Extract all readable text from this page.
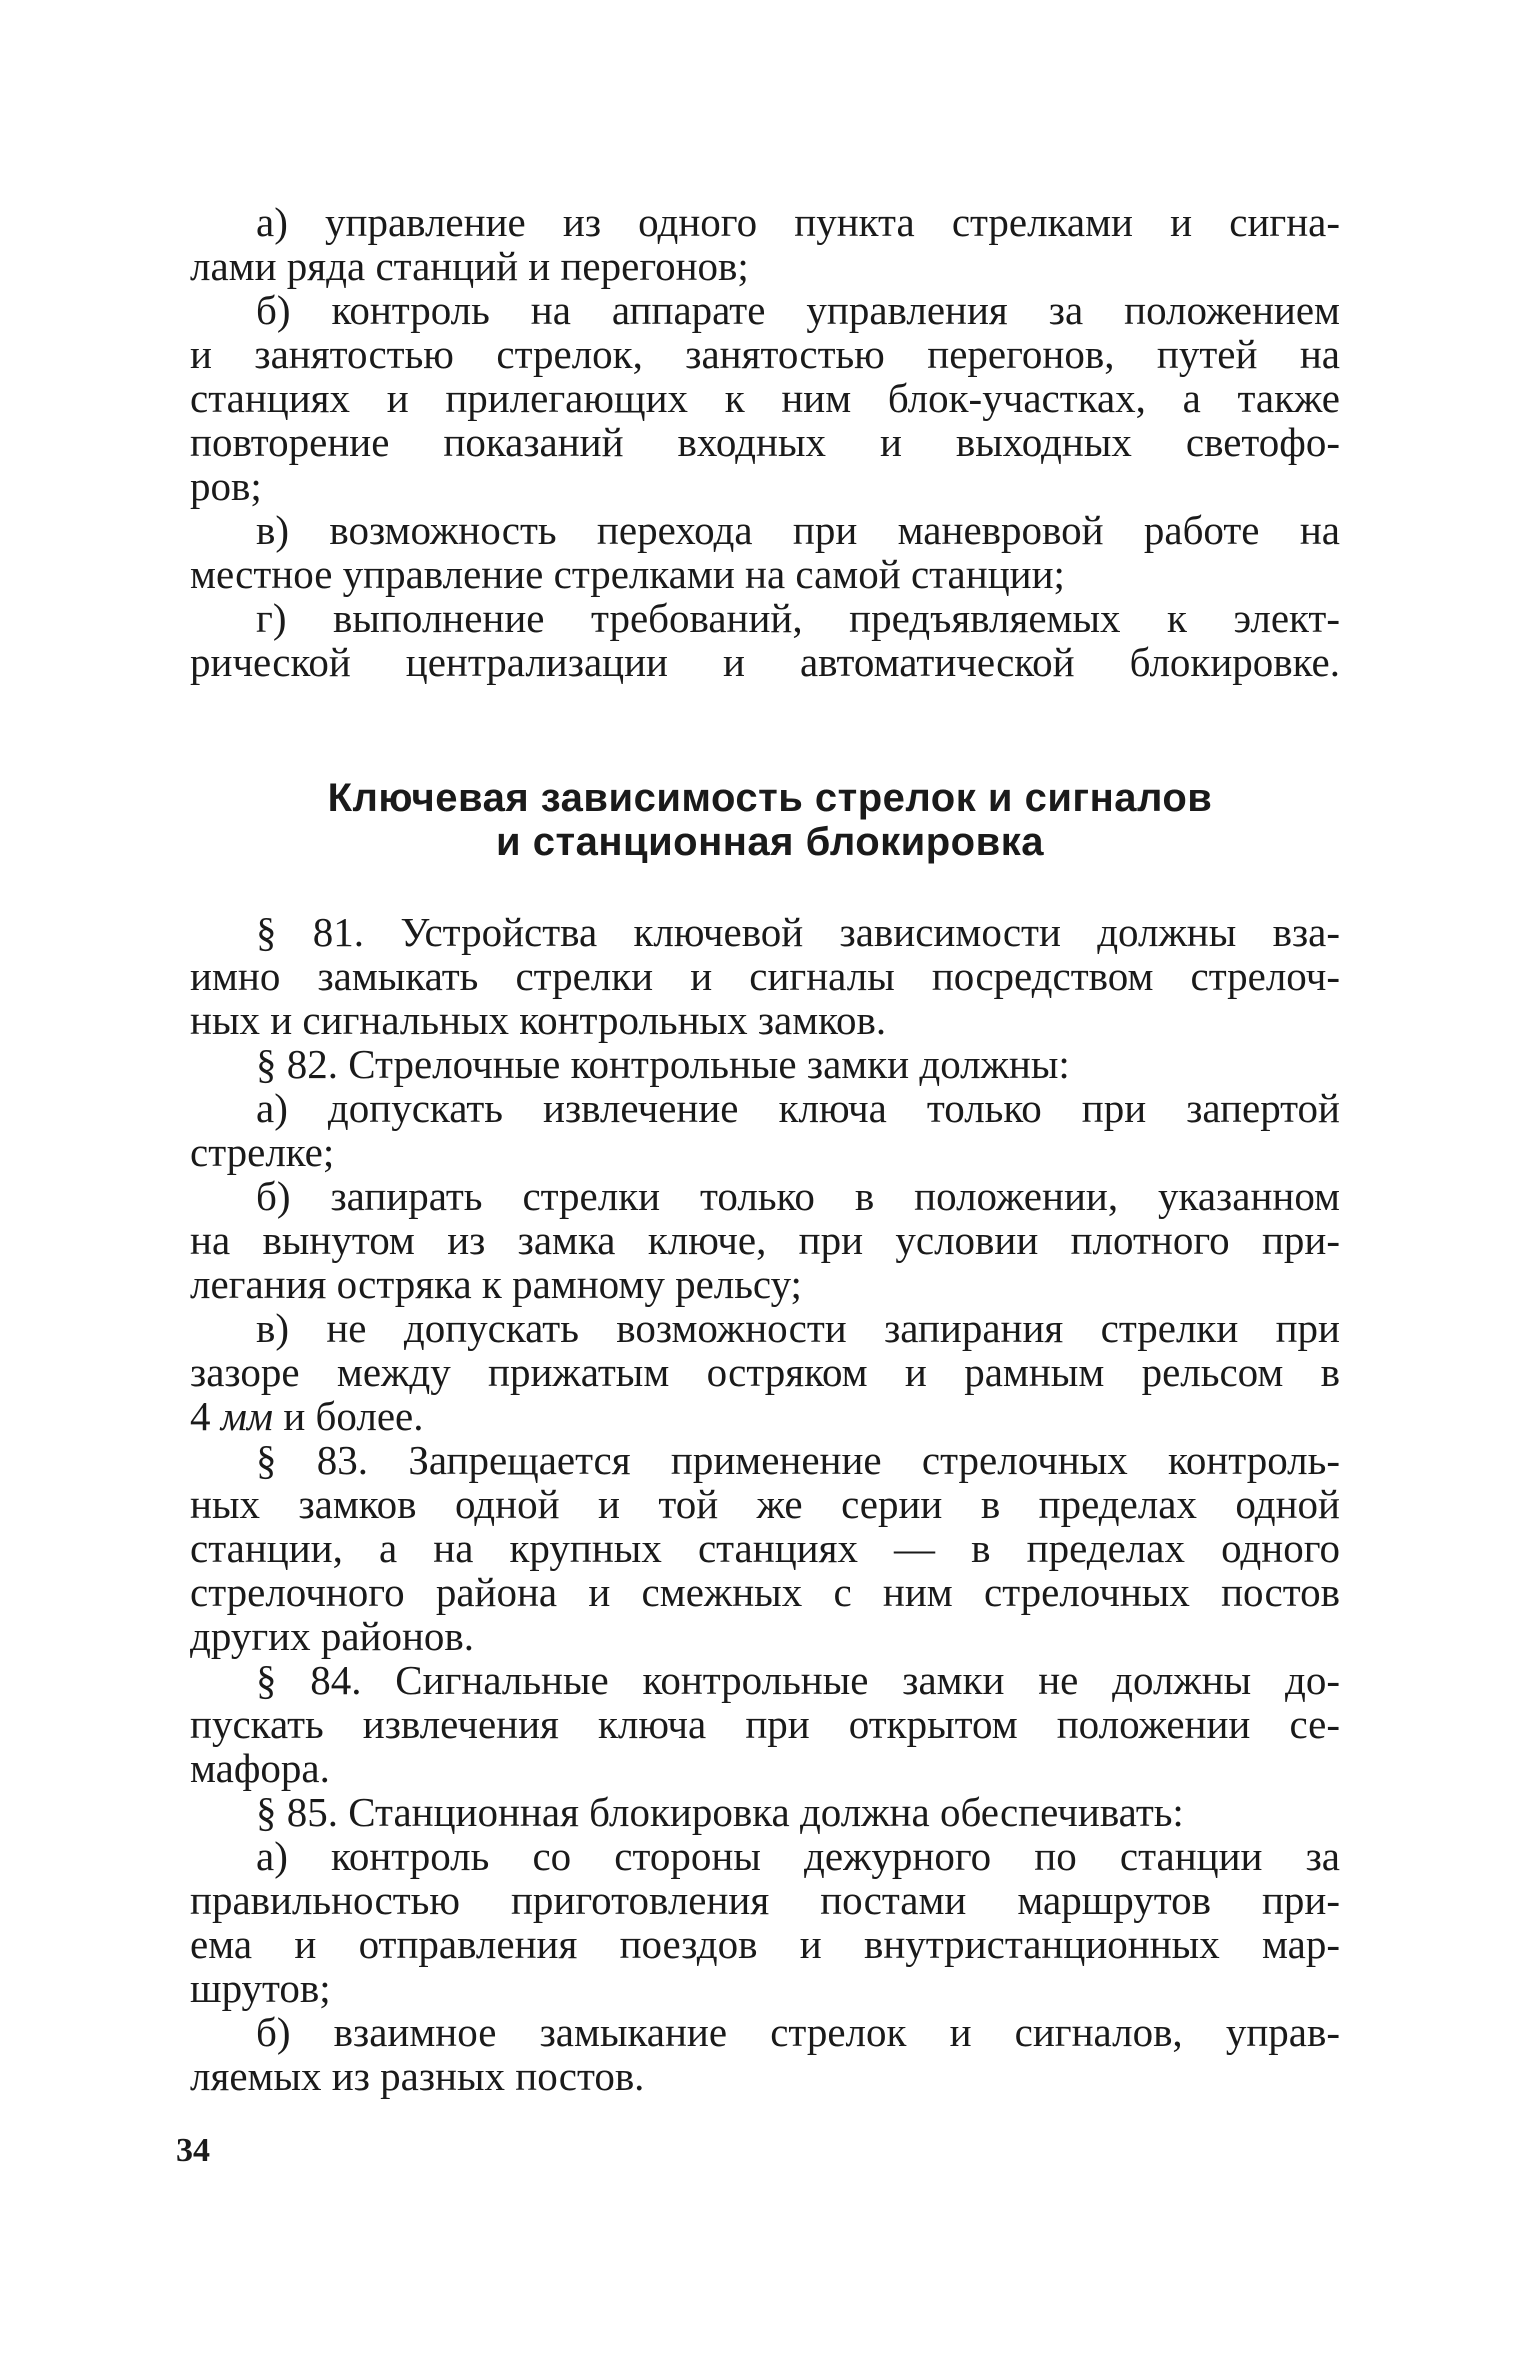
а) управление из одного пункта стрелками и сигна-
лами ряда станций и перегонов;
б) контроль на аппарате управления за положением
и занятостью стрелок, занятостью перегонов, путей на
станциях и прилегающих к ним блок-участках, а также
повторение показаний входных и выходных светофо-
ров;
в) возможность перехода при маневровой работе на
местное управление стрелками на самой станции;
г) выполнение требований, предъявляемых к элект-
рической централизации и автоматической блокировке.
Ключевая зависимость стрелок и сигналов
и станционная блокировка
§ 81. Устройства ключевой зависимости должны вза-
имно замыкать стрелки и сигналы посредством стрелоч-
ных и сигнальных контрольных замков.
§ 82. Стрелочные контрольные замки должны:
а) допускать извлечение ключа только при запертой
стрелке;
б) запирать стрелки только в положении, указанном
на вынутом из замка ключе, при условии плотного при-
легания остряка к рамному рельсу;
в) не допускать возможности запирания стрелки при
зазоре между прижатым остряком и рамным рельсом в
4 мм и более.
§ 83. Запрещается применение стрелочных контроль-
ных замков одной и той же серии в пределах одной
станции, а на крупных станциях — в пределах одного
стрелочного района и смежных с ним стрелочных постов
других районов.
§ 84. Сигнальные контрольные замки не должны до-
пускать извлечения ключа при открытом положении се-
мафора.
§ 85. Станционная блокировка должна обеспечивать:
а) контроль со стороны дежурного по станции за
правильностью приготовления постами маршрутов при-
ема и отправления поездов и внутристанционных мар-
шрутов;
б) взаимное замыкание стрелок и сигналов, управ-
ляемых из разных постов.
34
